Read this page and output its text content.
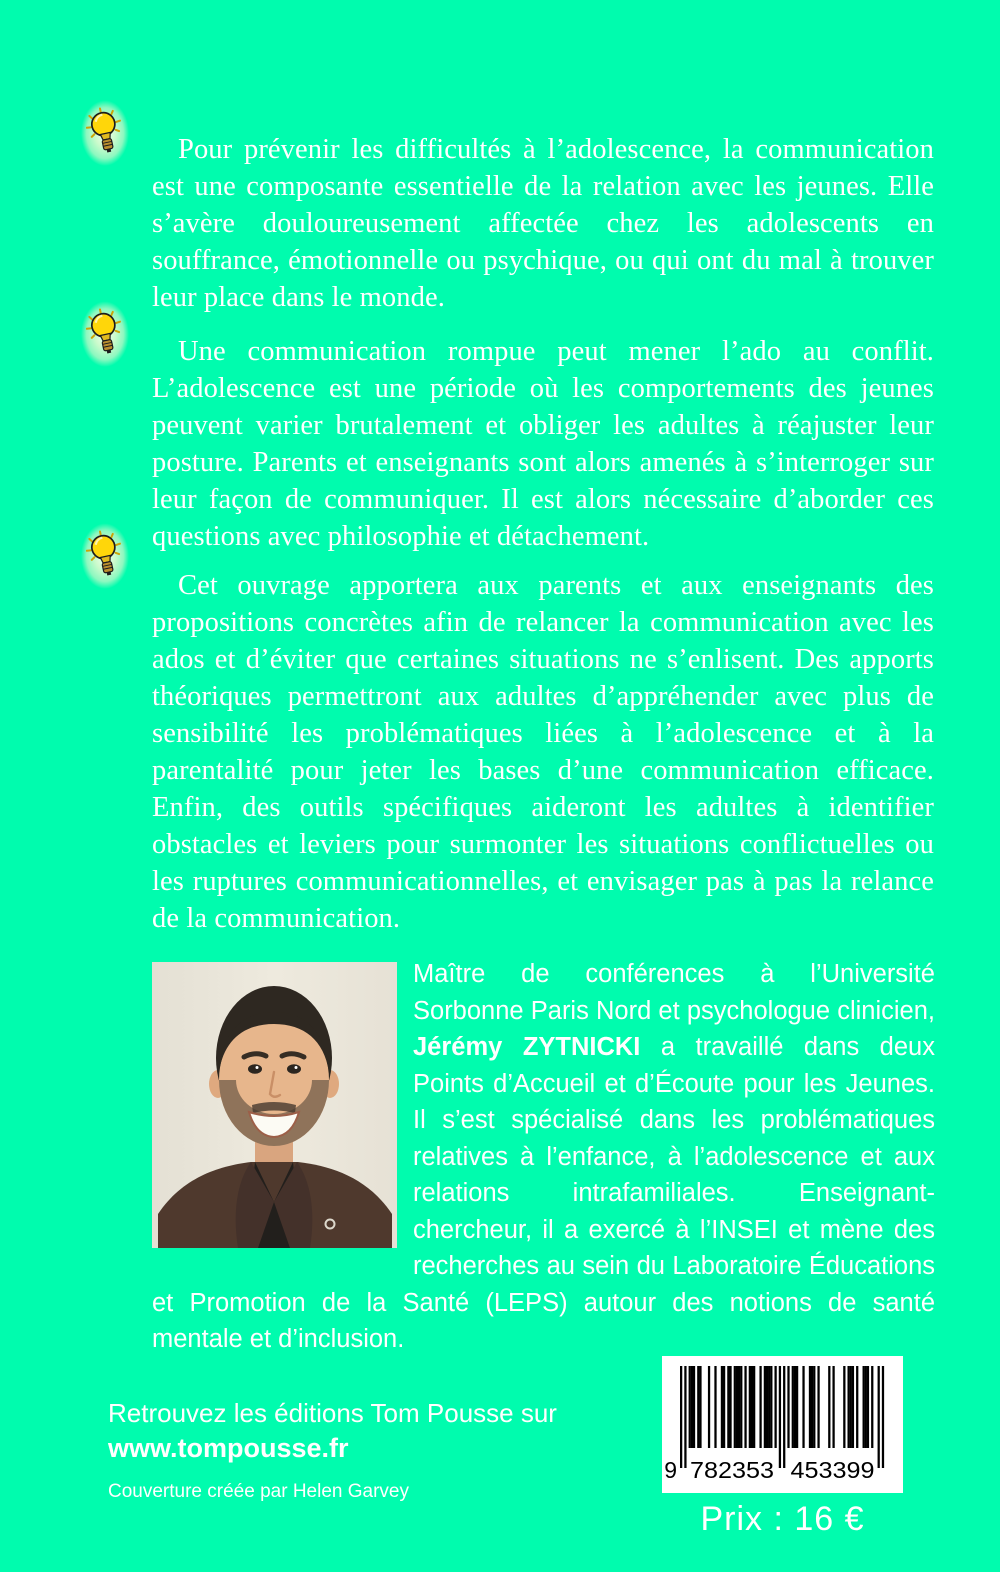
Pour prévenir les difficultés à l’adolescence, la communication est une composante essentielle de la relation avec les jeunes. Elle s’avère douloureusement affectée chez les adolescents en souffrance, émotionnelle ou psychique, ou qui ont du mal à trouver leur place dans le monde.

Une communication rompue peut mener l’ado au conflit. L’adolescence est une période où les comportements des jeunes peuvent varier brutalement et obliger les adultes à réajuster leur posture. Parents et enseignants sont alors amenés à s’interroger sur leur façon de communiquer. Il est alors nécessaire d’aborder ces questions avec philosophie et détachement.

Cet ouvrage apportera aux parents et aux enseignants des propositions concrètes afin de relancer la communication avec les ados et d’éviter que certaines situations ne s’enlisent. Des apports théoriques permettront aux adultes d’appréhender avec plus de sensibilité les problématiques liées à l’adolescence et à la parentalité pour jeter les bases d’une communication efficace. Enfin, des outils spécifiques aideront les adultes à identifier obstacles et leviers pour surmonter les situations conflictuelles ou les ruptures communicationnelles, et envisager pas à pas la relance de la communication.

Maître de conférences à l’Université Sorbonne Paris Nord et psychologue clinicien, Jérémy ZYTNICKI a travaillé dans deux Points d’Accueil et d’Écoute pour les Jeunes. Il s’est spécialisé dans les problématiques relatives à l’enfance, à l’adolescence et aux relations intrafamiliales. Enseignant-chercheur, il a exercé à l’INSEI et mène des recherches au sein du Laboratoire Éducations et Promotion de la Santé (LEPS) autour des notions de santé mentale et d’inclusion.
Retrouvez les éditions Tom Pousse sur
www.tompousse.fr
Couverture créée par Helen Garvey
9 782353 453399
Prix : 16 €
